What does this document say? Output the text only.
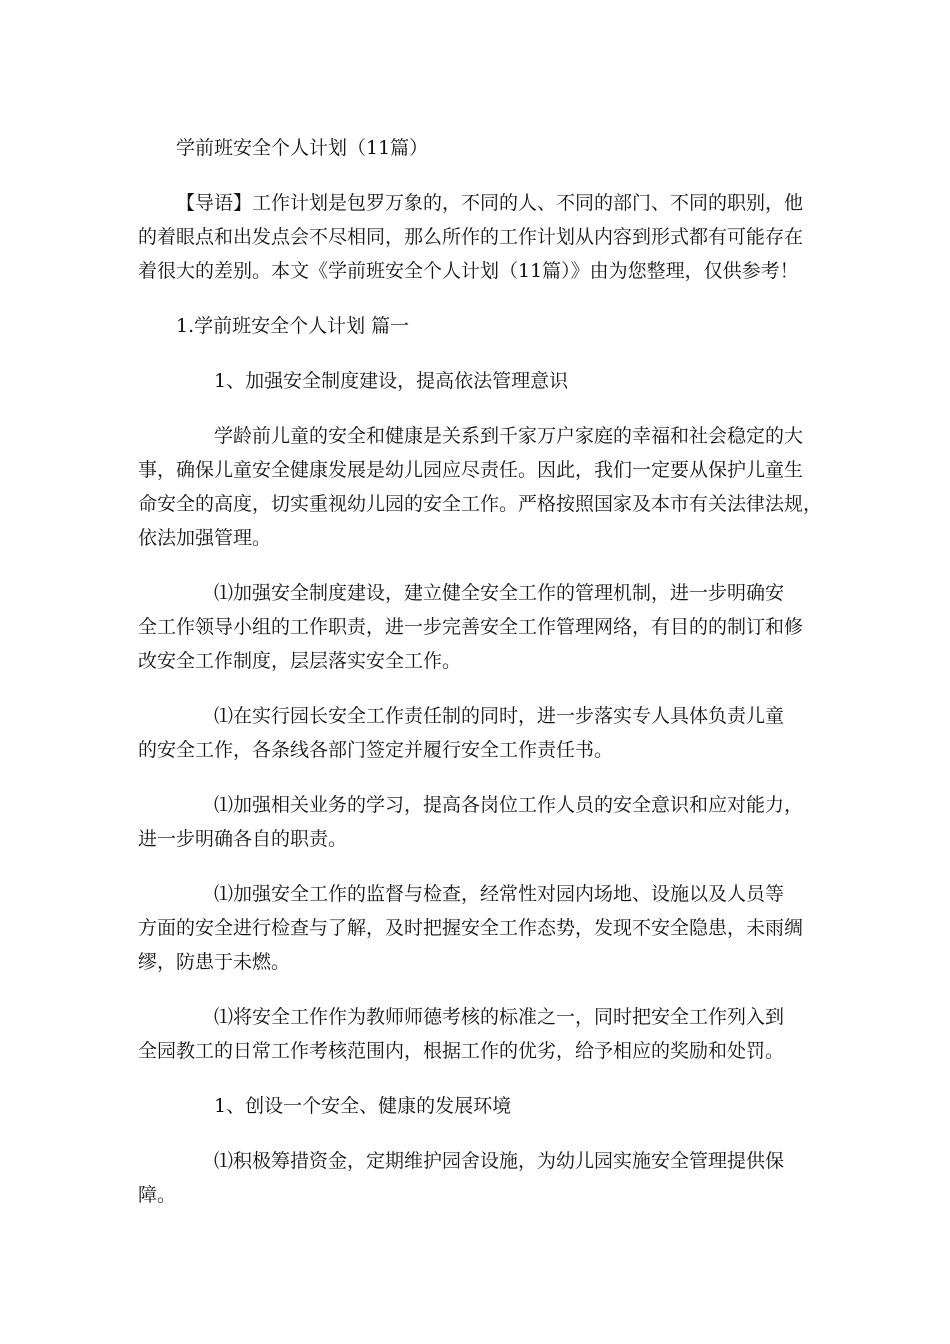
学前班安全个人计划（11篇）
【导语】工作计划是包罗万象的，不同的人、不同的部门、不同的职别，他
的着眼点和出发点会不尽相同，那么所作的工作计划从内容到形式都有可能存在
着很大的差别。本文《学前班安全个人计划（11篇）》由为您整理，仅供参考！
1.学前班安全个人计划 篇一
1、加强安全制度建设，提高依法管理意识
学龄前儿童的安全和健康是关系到千家万户家庭的幸福和社会稳定的大
事，确保儿童安全健康发展是幼儿园应尽责任。因此，我们一定要从保护儿童生
命安全的高度，切实重视幼儿园的安全工作。严格按照国家及本市有关法律法规，
依法加强管理。
⑴加强安全制度建设，建立健全安全工作的管理机制，进一步明确安
全工作领导小组的工作职责，进一步完善安全工作管理网络，有目的的制订和修
改安全工作制度，层层落实安全工作。
⑴在实行园长安全工作责任制的同时，进一步落实专人具体负责儿童
的安全工作，各条线各部门签定并履行安全工作责任书。
⑴加强相关业务的学习，提高各岗位工作人员的安全意识和应对能力，
进一步明确各自的职责。
⑴加强安全工作的监督与检查，经常性对园内场地、设施以及人员等
方面的安全进行检查与了解，及时把握安全工作态势，发现不安全隐患，未雨绸
缪，防患于未燃。
⑴将安全工作作为教师师德考核的标准之一，同时把安全工作列入到
全园教工的日常工作考核范围内，根据工作的优劣，给予相应的奖励和处罚。
1、创设一个安全、健康的发展环境
⑴积极筹措资金，定期维护园舍设施，为幼儿园实施安全管理提供保
障。
